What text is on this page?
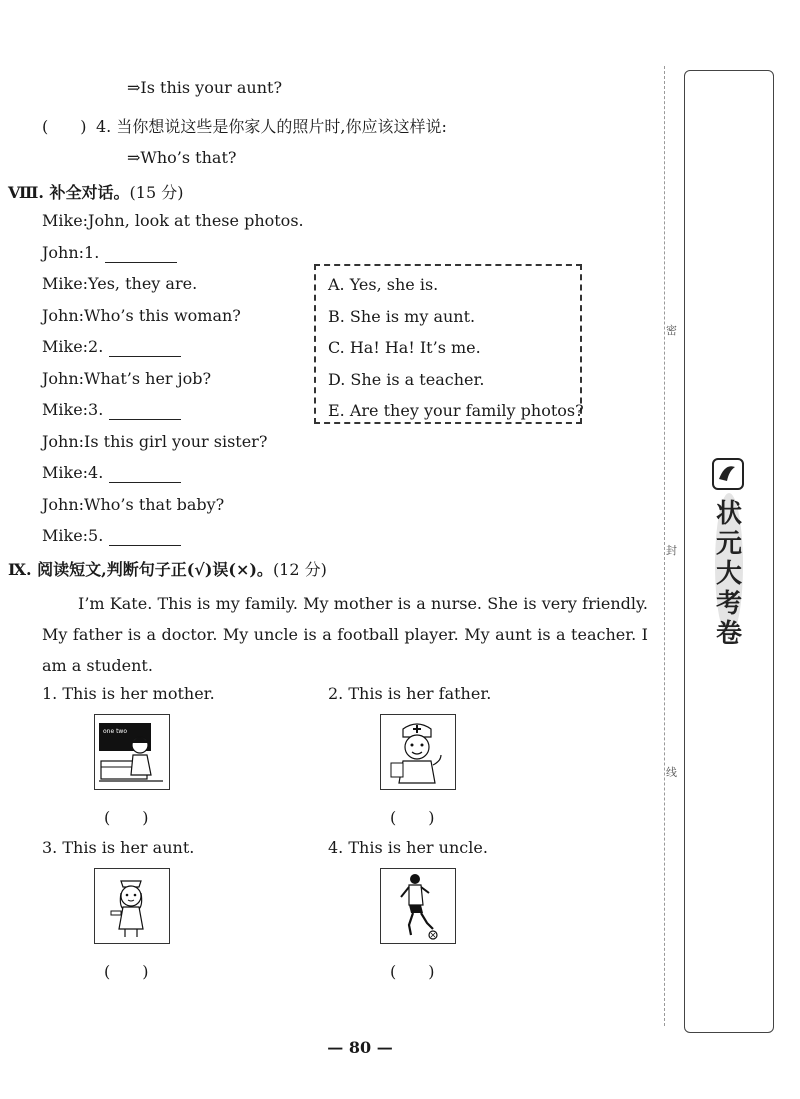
⇒Is this your aunt?
(　　) 4. 当你想说这些是你家人的照片时,你应该这样说:
⇒Who’s that?
Ⅷ. 补全对话。(15 分)
Mike:John, look at these photos.
John:1.
Mike:Yes, they are.
John:Who’s this woman?
Mike:2.
John:What’s her job?
Mike:3.
John:Is this girl your sister?
Mike:4.
John:Who’s that baby?
Mike:5.
A. Yes, she is.
B. She is my aunt.
C. Ha! Ha! It’s me.
D. She is a teacher.
E. Are they your family photos?
Ⅸ. 阅读短文,判断句子正(√)误(×)。(12 分)
I’m Kate. This is my family. My mother is a nurse. She is very friendly. My father is a doctor. My uncle is a football player. My aunt is a teacher. I am a student.
1. This is her mother.
one two
(　　)
2. This is her father.
(　　)
3. This is her aunt.
(　　)
4. This is her uncle.
(　　)
密
封
线
状元大考卷
— 80 —
